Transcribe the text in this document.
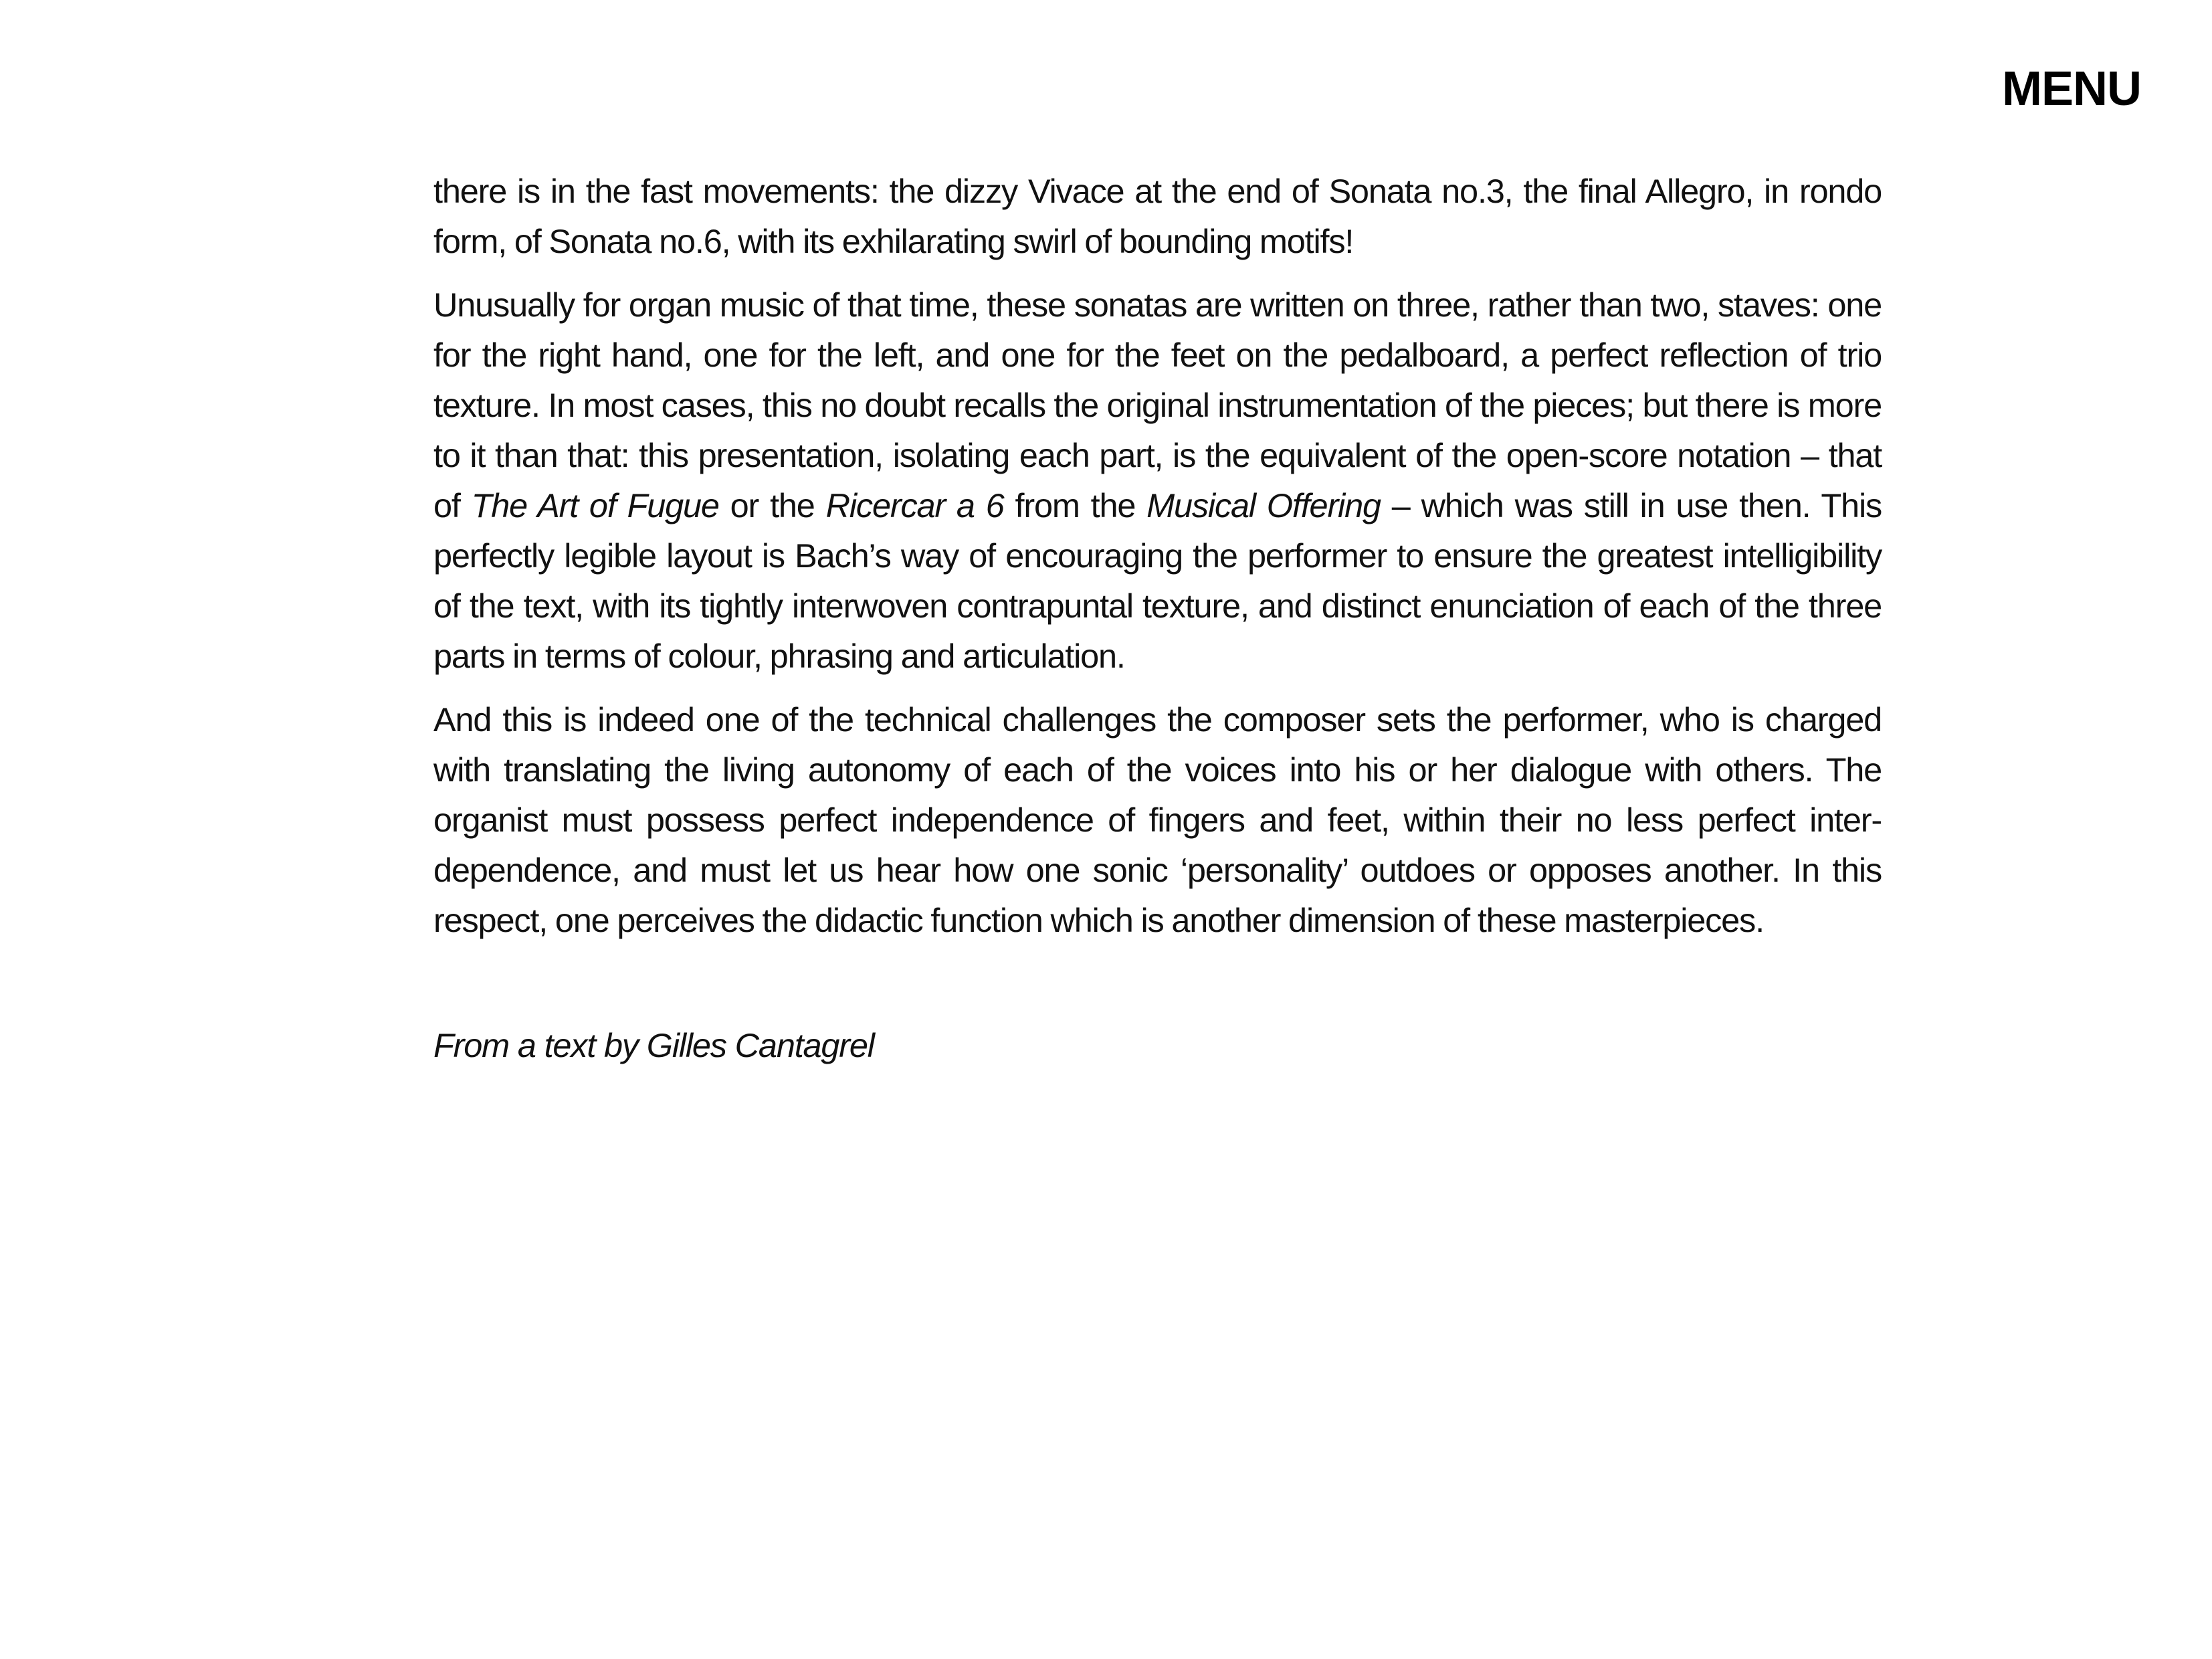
MENU

there is in the fast movements: the dizzy Vivace at the end of Sonata no.3, the final Allegro, in rondo form, of Sonata no.6, with its exhilarating swirl of bounding motifs!

Unusually for organ music of that time, these sonatas are written on three, rather than two, staves: one for the right hand, one for the left, and one for the feet on the pedalboard, a perfect reflection of trio texture. In most cases, this no doubt recalls the original instrumentation of the pieces; but there is more to it than that: this presentation, isolating each part, is the equivalent of the open-score notation – that of The Art of Fugue or the Ricercar a 6 from the Musical Offering – which was still in use then. This perfectly legible layout is Bach’s way of encouraging the performer to ensure the greatest intelligibility of the text, with its tightly interwoven contrapuntal texture, and distinct enunciation of each of the three parts in terms of colour, phrasing and articulation.

And this is indeed one of the technical challenges the composer sets the performer, who is charged with translating the living autonomy of each of the voices into his or her dialogue with others. The organist must possess perfect independence of fingers and feet, within their no less perfect inter-dependence, and must let us hear how one sonic ‘personality’ outdoes or opposes another. In this respect, one perceives the didactic function which is another dimension of these masterpieces.

From a text by Gilles Cantagrel
